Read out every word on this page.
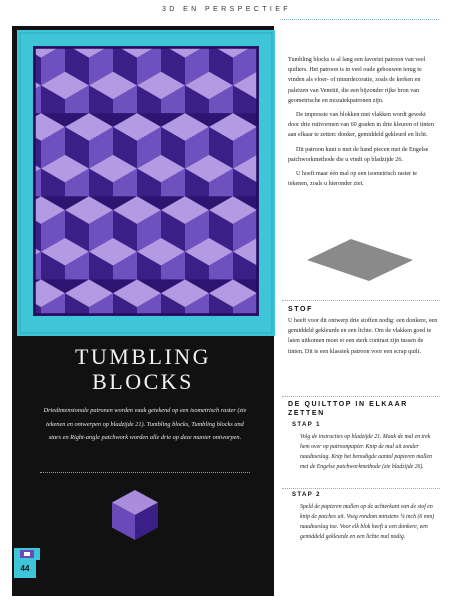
3D EN PERSPECTIEF
TUMBLING
BLOCKS
Driedimensionale patronen worden vaak getekend op een isometrisch raster (zie tekenen en ontwerpen op bladzijde 21). Tumbling blocks, Tumbling blocks and stars en Right-angle patchwork worden alle drie op deze manier ontworpen.
44

Tumbling blocks is al lang een favoriet patroon van veel quilters. Het patroon is in veel oude gebouwen terug te vinden als vloer- of muurdecoratie, zoals de kerken en paleizen van Venetië, die een bijzonder rijke bron van geometrische en mozaïekpatronen zijn.

De impressie van blokken met vlakken wordt gewekt door drie ruitvormen van 60 graden in drie kleuren of tinten aan elkaar te zetten: donker, gemiddeld gekleurd en licht.

Dit patroon kunt u met de hand piecen met de Engelse patchworkmethode die u vindt op bladzijde 26.

U hoeft maar één mal op een isometrisch raster te tekenen, zoals u hieronder ziet.

STOF
U heeft voor dit ontwerp drie stoffen nodig: een donkere, een gemiddeld gekleurde en een lichte. Om de vlakken goed te laten uitkomen moet er een sterk contrast zijn tussen de tinten. Dit is een klassiek patroon voor een scrap quilt.
DE QUILTTOP IN ELKAAR
ZETTEN
STAP 1
Volg de instructies op bladzijde 21. Maak de mal en trek hem over op patroonpapier. Knip de mal uit zonder naadtoeslag. Knip het benodigde aantal papieren mallen met de Engelse patchworkmethode (zie bladzijde 26).
STAP 2
Speld de papieren mallen op de achterkant van de stof en knip de patches uit. Voeg rondom minstens ¼ inch (6 mm) naadtoeslag toe. Voor elk blok heeft u een donkere, een gemiddeld gekleurde en een lichte mal nodig.
